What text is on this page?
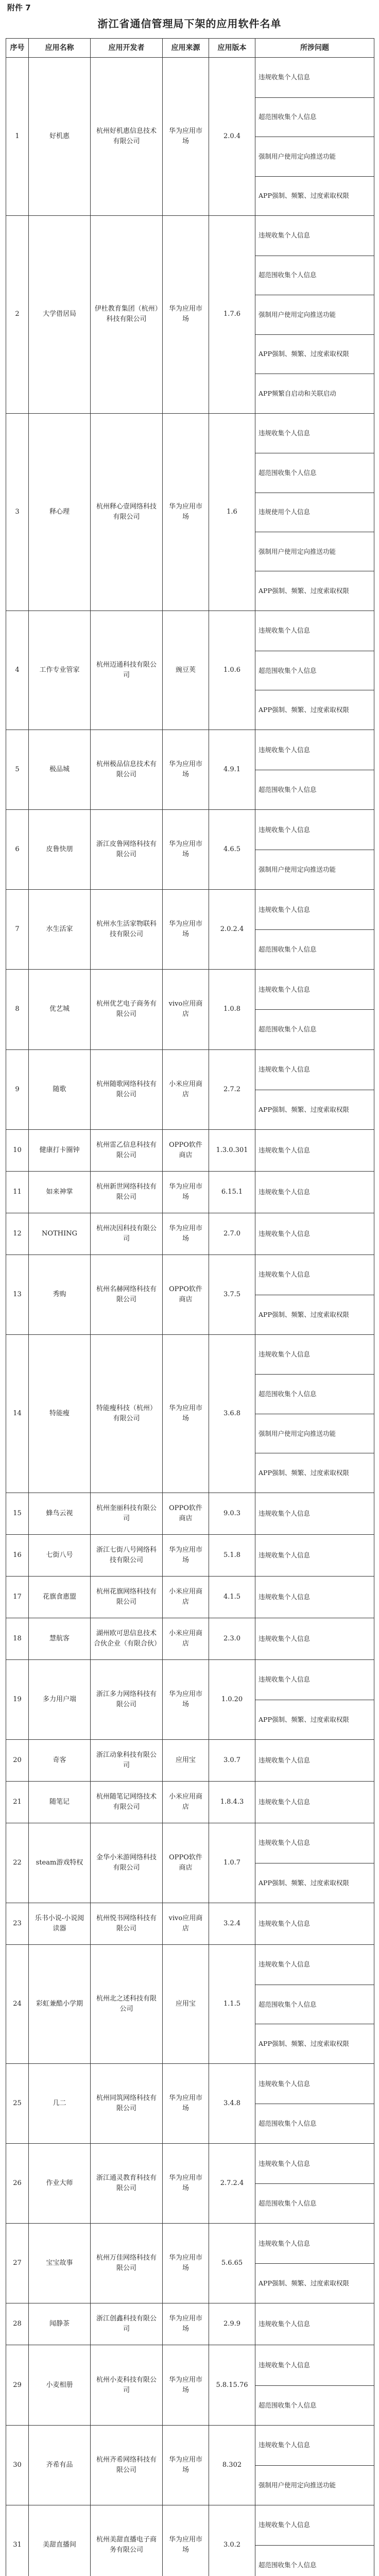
附件 7
浙江省通信管理局下架的应用软件名单
序号	应用名称	应用开发者	应用来源	应用版本	所涉问题
1	好机惠	杭州好机惠信息技术有限公司	华为应用市场	2.0.4	违规收集个人信息
超范围收集个人信息
强制用户使用定向推送功能
APP强制、频繁、过度索取权限

2	大学借居局	伊杜教育集团（杭州）科技有限公司	华为应用市场	1.7.6	违规收集个人信息
超范围收集个人信息
强制用户使用定向推送功能
APP强制、频繁、过度索取权限
APP频繁自启动和关联启动

3	释心理	杭州释心壹网络科技有限公司	华为应用市场	1.6	违规收集个人信息
超范围收集个人信息
违规使用个人信息
强制用户使用定向推送功能
APP强制、频繁、过度索取权限

4	工作专业管家	杭州迈通科技有限公司	豌豆荚	1.0.6	违规收集个人信息
超范围收集个人信息
APP强制、频繁、过度索取权限

5	极品城	杭州极品信息技术有限公司	华为应用市场	4.9.1	违规收集个人信息
超范围收集个人信息

6	皮鲁快朋	浙江皮鲁网络科技有限公司	华为应用市场	4.6.5	违规收集个人信息
强制用户使用定向推送功能

7	水生活家	杭州水生活家物联科技有限公司	华为应用市场	2.0.2.4	违规收集个人信息
超范围收集个人信息

8	优艺城	杭州优艺电子商务有限公司	vivo应用商店	1.0.8	违规收集个人信息
超范围收集个人信息

9	随歌	杭州随歌网络科技有限公司	小米应用商店	2.7.2	违规收集个人信息
APP强制、频繁、过度索取权限

10	健康打卡圈钟	杭州雷乙信息科技有限公司	OPPO软件商店	1.3.0.301	违规收集个人信息

11	如来神掌	杭州新世网络科技有限公司	华为应用市场	6.15.1	违规收集个人信息

12	NOTHING	杭州决因科技有限公司	华为应用市场	2.7.0	违规收集个人信息

13	秀购	杭州名赫网络科技有限公司	OPPO软件商店	3.7.5	违规收集个人信息
APP强制、频繁、过度索取权限

14	特能瘦	特能瘦科技（杭州）有限公司	华为应用市场	3.6.8	违规收集个人信息
超范围收集个人信息
强制用户使用定向推送功能
APP强制、频繁、过度索取权限

15	蜂鸟云视	杭州奎丽科技有限公司	OPPO软件商店	9.0.3	违规收集个人信息

16	七街八号	浙江七街八号网络科技有限公司	华为应用市场	5.1.8	违规收集个人信息

17	花旗食惠盟	杭州花旗网络科技有限公司	小米应用商店	4.1.5	违规收集个人信息

18	慧航客	湖州欧可思信息技术合伙企业（有限合伙）	小米应用商店	2.3.0	违规收集个人信息

19	多力用户端	浙江多力网络科技有限公司	华为应用市场	1.0.20	违规收集个人信息
APP强制、频繁、过度索取权限

20	奇客	浙江动象科技有限公司	应用宝	3.0.7	违规收集个人信息

21	随笔记	杭州随笔记网络技术有限公司	小米应用商店	1.8.4.3	违规收集个人信息

22	steam游戏特权	金华小米游网络科技有限公司	OPPO软件商店	1.0.7	违规收集个人信息
APP强制、频繁、过度索取权限

23	乐书小说-小说阅读器	杭州悦书网络科技有限公司	vivo应用商店	3.2.4	违规收集个人信息

24	彩虹兼酷小学期	杭州北之述科技有限公司	应用宝	1.1.5	违规收集个人信息
超范围收集个人信息
APP强制、频繁、过度索取权限

25	几二	杭州同筑网络科技有限公司	华为应用市场	3.4.8	违规收集个人信息
超范围收集个人信息

26	作业大师	浙江通灵教育科技有限公司	华为应用市场	2.7.2.4	违规收集个人信息
超范围收集个人信息

27	宝宝故事	杭州万佳网络科技有限公司	华为应用市场	5.6.65	违规收集个人信息
APP强制、频繁、过度索取权限

28	闻静茶	浙江创鑫科技有限公司	华为应用市场	2.9.9	违规收集个人信息

29	小麦相册	杭州小麦科技有限公司	华为应用市场	5.8.15.76	违规收集个人信息
超范围收集个人信息

30	齐希有品	杭州齐希网络科技有限公司	华为应用市场	8.302	违规收集个人信息
强制用户使用定向推送功能

31	美甜直播间	杭州美甜直播电子商务有限公司	华为应用市场	3.0.2	违规收集个人信息
超范围收集个人信息
